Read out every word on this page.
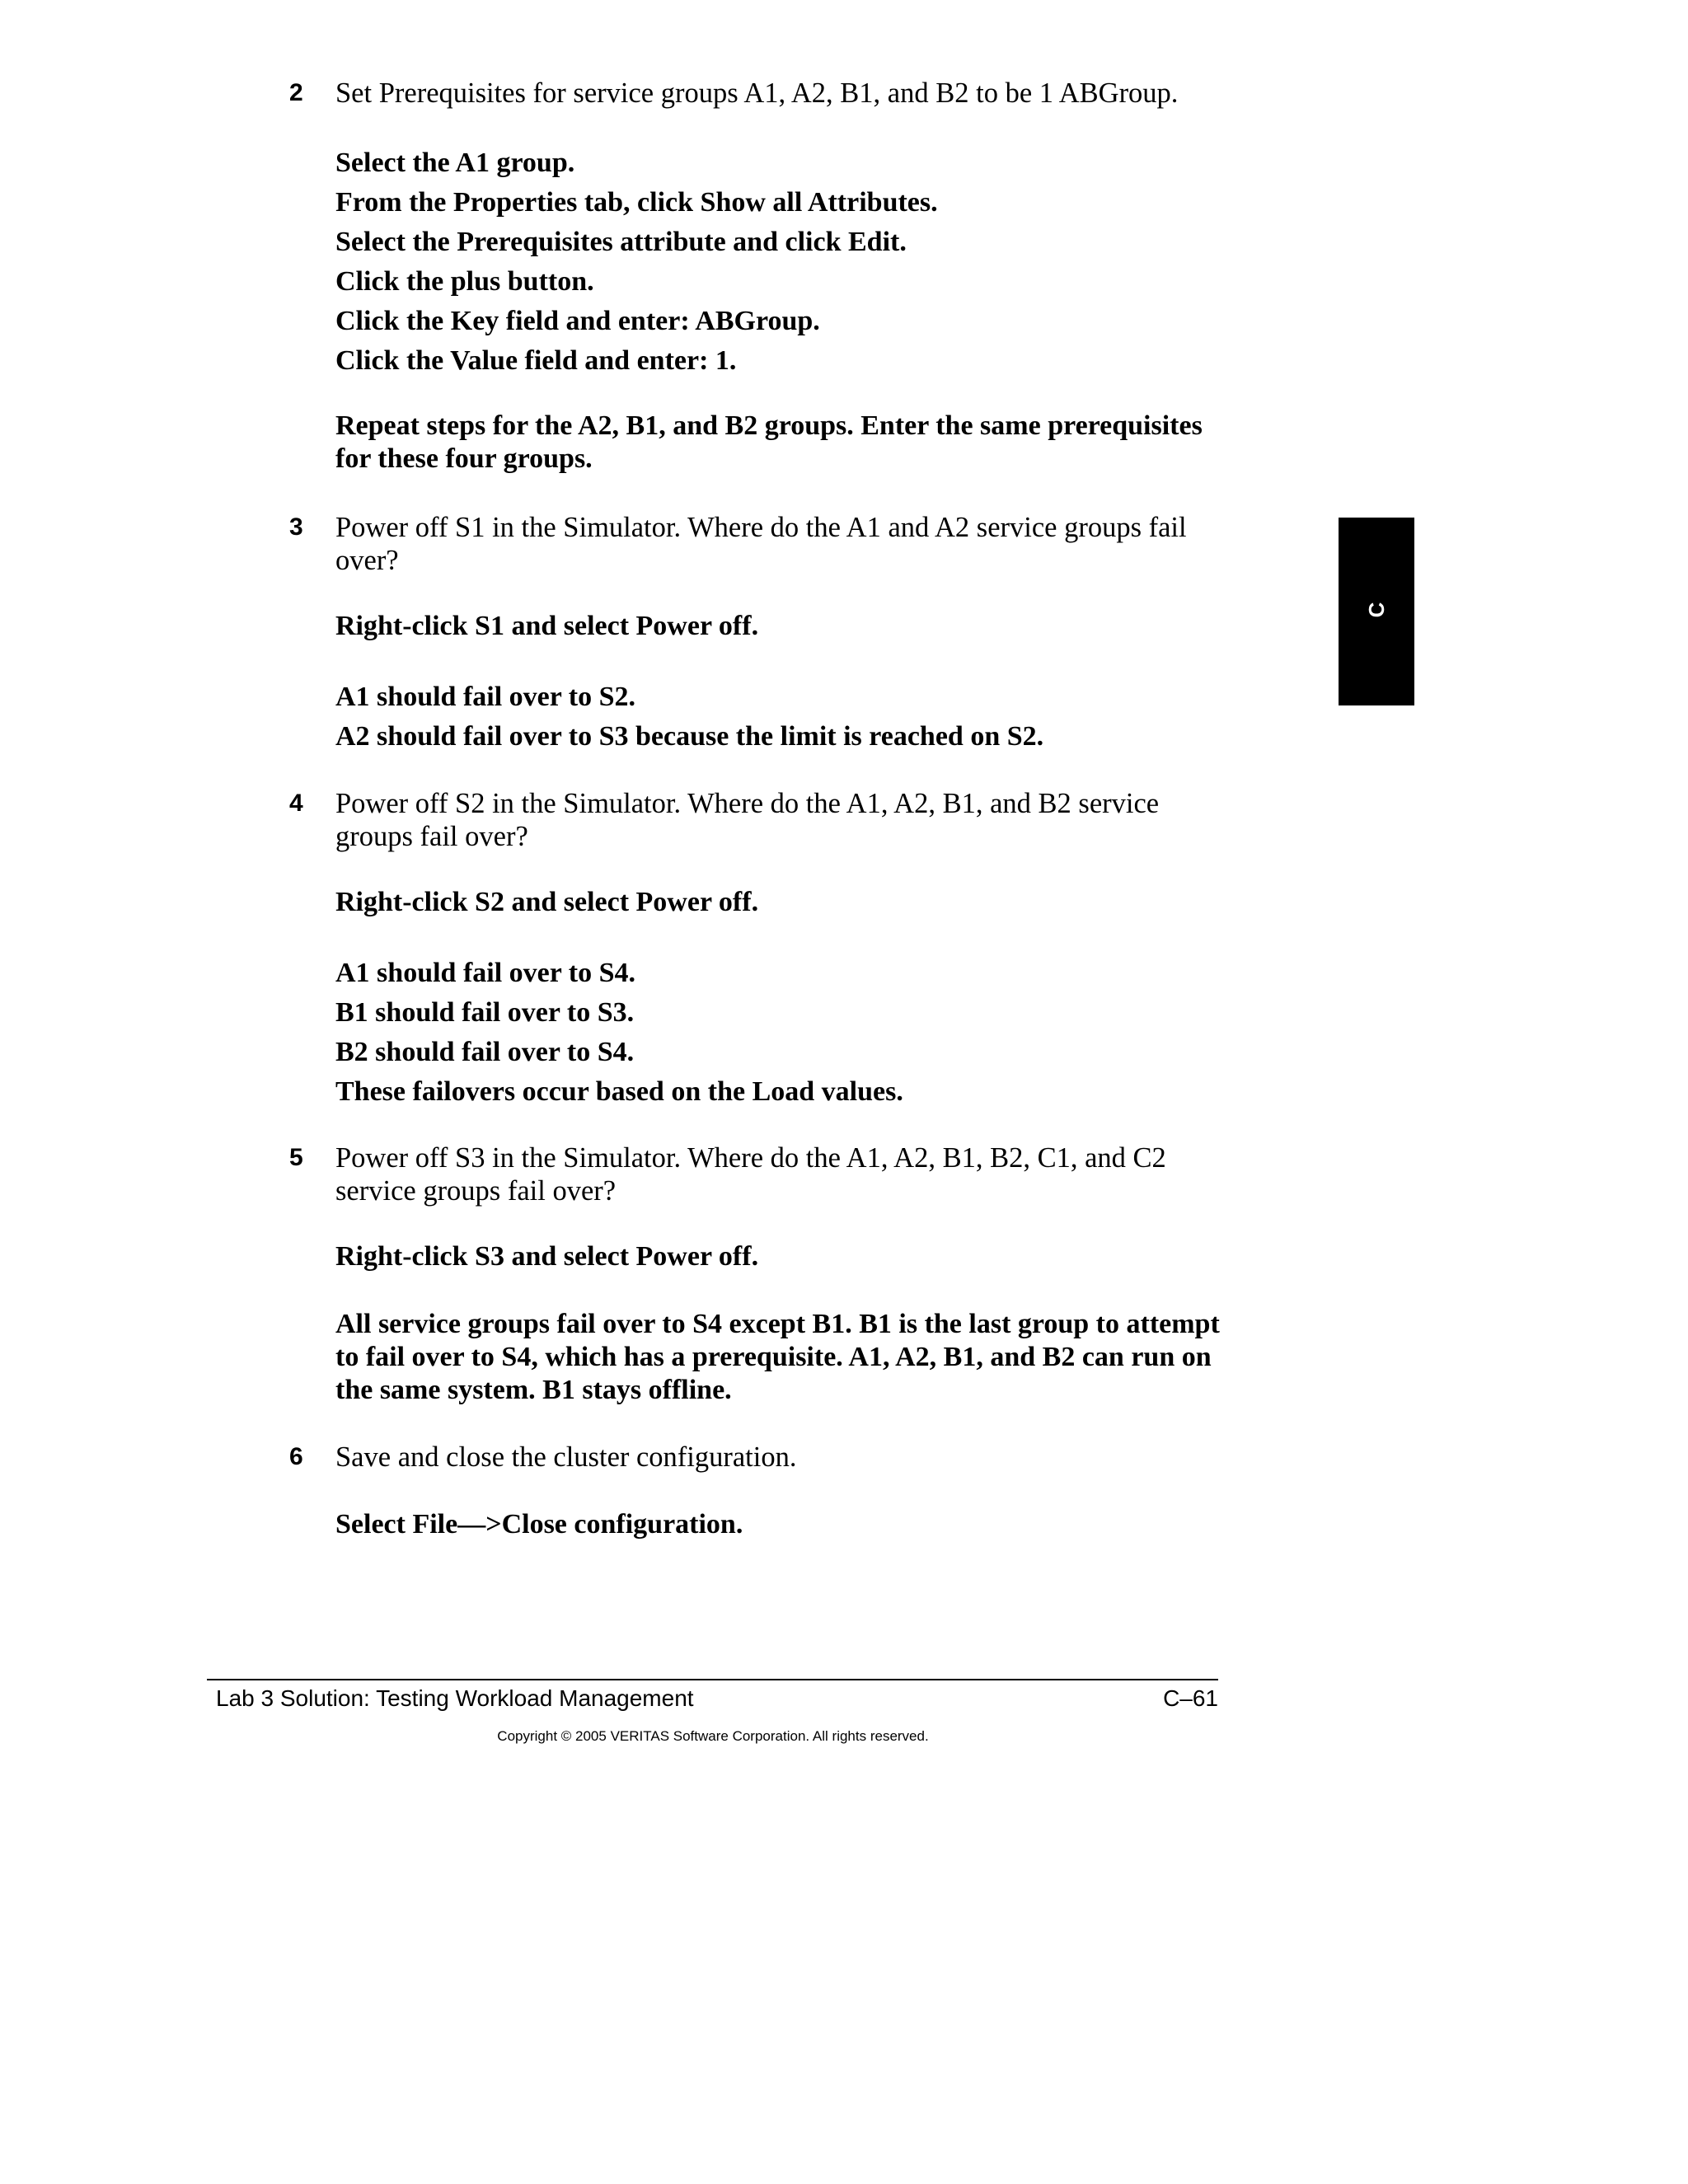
2	Set Prerequisites for service groups A1, A2, B1, and B2 to be 1 ABGroup.
Select the A1 group.
From the Properties tab, click Show all Attributes.
Select the Prerequisites attribute and click Edit.
Click the plus button.
Click the Key field and enter: ABGroup.
Click the Value field and enter: 1.
Repeat steps for the A2, B1, and B2 groups. Enter the same prerequisites
for these four groups.
3	Power off S1 in the Simulator. Where do the A1 and A2 service groups fail
over?
Right-click S1 and select Power off.
A1 should fail over to S2.
A2 should fail over to S3 because the limit is reached on S2.
4	Power off S2 in the Simulator. Where do the A1, A2, B1, and B2 service
groups fail over?
Right-click S2 and select Power off.
A1 should fail over to S4.
B1 should fail over to S3.
B2 should fail over to S4.
These failovers occur based on the Load values.
5	Power off S3 in the Simulator. Where do the A1, A2, B1, B2, C1, and C2
service groups fail over?
Right-click S3 and select Power off.
All service groups fail over to S4 except B1. B1 is the last group to attempt
to fail over to S4, which has a prerequisite. A1, A2, B1, and B2 can run on
the same system. B1 stays offline.
6	Save and close the cluster configuration.
Select File—>Close configuration.
C
Lab 3 Solution: Testing Workload Management	C–61
Copyright © 2005 VERITAS Software Corporation. All rights reserved.
